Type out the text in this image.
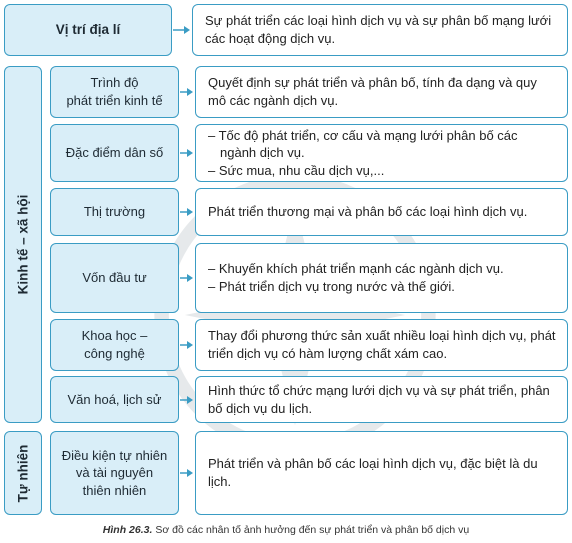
Vị trí địa lí

Sự phát triển các loại hình dịch vụ và sự phân bố mạng lưới các hoạt động dịch vụ.

Kinh tế – xã hội
Tự nhiên
Trình độ
phát triển kinh tế

Quyết định sự phát triển và phân bố, tính đa dạng và quy mô các ngành dịch vụ.

Đặc điểm dân số

– Tốc độ phát triển, cơ cấu và mạng lưới phân bố các ngành dịch vụ.

– Sức mua, nhu cầu dịch vụ,...

Thị trường	Phát triển thương mại và phân bố các loại hình dịch vụ.

Vốn đầu tư

– Khuyến khích phát triển mạnh các ngành dịch vụ.

– Phát triển dịch vụ trong nước và thế giới.

Khoa học –
công nghệ

Thay đổi phương thức sản xuất nhiều loại hình dịch vụ, phát triển dịch vụ có hàm lượng chất xám cao.

Văn hoá, lịch sử

Hình thức tổ chức mạng lưới dịch vụ và sự phát triển, phân bố dịch vụ du lịch.

Điều kiện tự nhiên
và tài nguyên
thiên nhiên

Phát triển và phân bố các loại hình dịch vụ, đặc biệt là du lịch.

Hình 26.3. Sơ đồ các nhân tố ảnh hưởng đến sự phát triển và phân bố dịch vụ
